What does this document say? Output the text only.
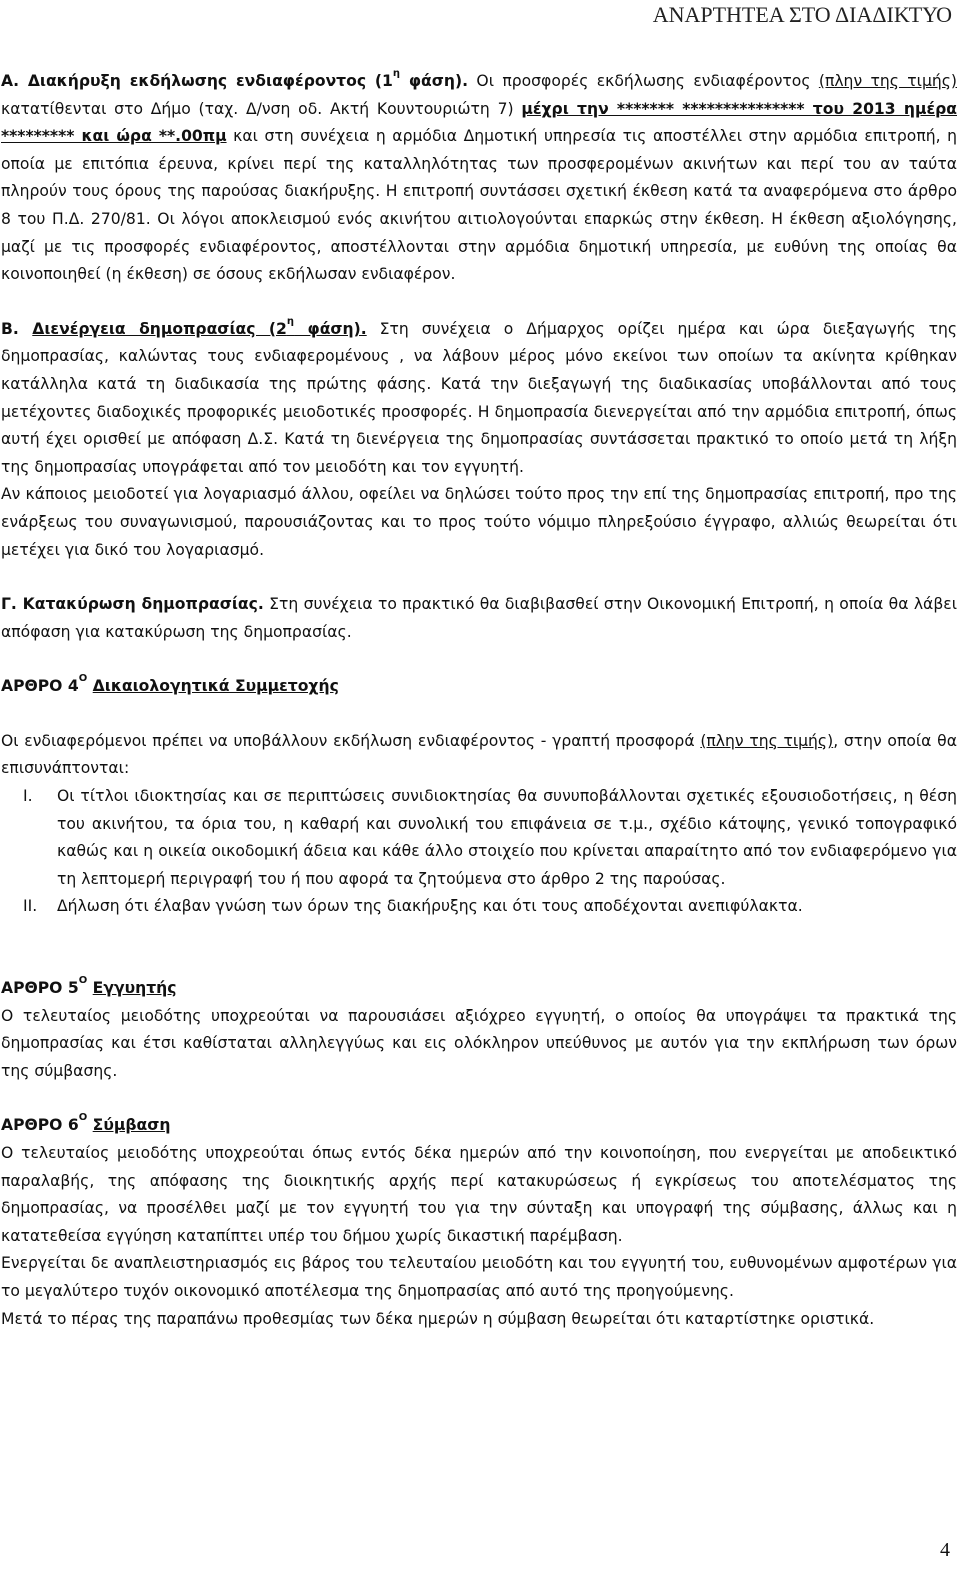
ΑΝΑΡΤΗΤΕΑ ΣΤΟ ΔΙΑΔΙΚΤΥΟ

Α. Διακήρυξη εκδήλωσης ενδιαφέροντος ($1^\eta$ φάση). Οι προσφορές εκδήλωσης ενδιαφέροντος (πλην της τιμής) κατατίθενται στο Δήμο (ταχ. Δ/νση οδ. Ακτή Κουντουριώτη 7) μέχρι την ******* *************** του 2013 ημέρα ********* και ώρα **.00πμ και στη συνέχεια η αρμόδια Δημοτική υπηρεσία τις αποστέλλει στην αρμόδια επιτροπή, η οποία με επιτόπια έρευνα, κρίνει περί της καταλληλότητας των προσφερομένων ακινήτων και περί του αν ταύτα πληρούν τους όρους της παρούσας διακήρυξης. Η επιτροπή συντάσσει σχετική έκθεση κατά τα αναφερόμενα στο άρθρο 8 του Π.Δ. 270/81. Οι λόγοι αποκλεισμού ενός ακινήτου αιτιολογούνται επαρκώς στην έκθεση. Η έκθεση αξιολόγησης, μαζί με τις προσφορές ενδιαφέροντος, αποστέλλονται στην αρμόδια δημοτική υπηρεσία, με ευθύνη της οποίας θα κοινοποιηθεί (η έκθεση) σε όσους εκδήλωσαν ενδιαφέρον.

Β. Διενέργεια δημοπρασίας ($2^\eta$ φάση). Στη συνέχεια ο Δήμαρχος ορίζει ημέρα και ώρα διεξαγωγής της δημοπρασίας, καλώντας τους ενδιαφερομένους , να λάβουν μέρος μόνο εκείνοι των οποίων τα ακίνητα κρίθηκαν κατάλληλα κατά τη διαδικασία της πρώτης φάσης. Κατά την διεξαγωγή της διαδικασίας υποβάλλονται από τους μετέχοντες διαδοχικές προφορικές μειοδοτικές προσφορές. Η δημοπρασία διενεργείται από την αρμόδια επιτροπή, όπως αυτή έχει ορισθεί με απόφαση Δ.Σ. Κατά τη διενέργεια της δημοπρασίας συντάσσεται πρακτικό το οποίο μετά τη λήξη της δημοπρασίας υπογράφεται από τον μειοδότη και τον εγγυητή.

Αν κάποιος μειοδοτεί για λογαριασμό άλλου, οφείλει να δηλώσει τούτο προς την επί της δημοπρασίας επιτροπή, προ της ενάρξεως του συναγωνισμού, παρουσιάζοντας και το προς τούτο νόμιμο πληρεξούσιο έγγραφο, αλλιώς θεωρείται ότι μετέχει για δικό του λογαριασμό.

Γ. Κατακύρωση δημοπρασίας. Στη συνέχεια το πρακτικό θα διαβιβασθεί στην Οικονομική Επιτροπή, η οποία θα λάβει απόφαση για κατακύρωση της δημοπρασίας.

ΑΡΘΡΟ $4^O$ Δικαιολογητικά Συμμετοχής

Οι ενδιαφερόμενοι πρέπει να υποβάλλουν εκδήλωση ενδιαφέροντος - γραπτή προσφορά (πλην της τιμής), στην οποία θα επισυνάπτονται:

I. Οι τίτλοι ιδιοκτησίας και σε περιπτώσεις συνιδιοκτησίας θα συνυποβάλλονται σχετικές εξουσιοδοτήσεις, η θέση του ακινήτου, τα όρια του, η καθαρή και συνολική του επιφάνεια σε τ.μ., σχέδιο κάτοψης, γενικό τοπογραφικό καθώς και η οικεία οικοδομική άδεια και κάθε άλλο στοιχείο που κρίνεται απαραίτητο από τον ενδιαφερόμενο για τη λεπτομερή περιγραφή του ή που αφορά τα ζητούμενα στο άρθρο 2 της παρούσας.
II. Δήλωση ότι έλαβαν γνώση των όρων της διακήρυξης και ότι τους αποδέχονται ανεπιφύλακτα.

ΑΡΘΡΟ $5^O$ Εγγυητής

Ο τελευταίος μειοδότης υποχρεούται να παρουσιάσει αξιόχρεο εγγυητή, ο οποίος θα υπογράψει τα πρακτικά της δημοπρασίας και έτσι καθίσταται αλληλεγγύως και εις ολόκληρον υπεύθυνος με αυτόν για την εκπλήρωση των όρων της σύμβασης.

ΑΡΘΡΟ $6^O$ Σύμβαση

Ο τελευταίος μειοδότης υποχρεούται όπως εντός δέκα ημερών από την κοινοποίηση, που ενεργείται με αποδεικτικό παραλαβής, της απόφασης της διοικητικής αρχής περί κατακυρώσεως ή εγκρίσεως του αποτελέσματος της δημοπρασίας, να προσέλθει μαζί με τον εγγυητή του για την σύνταξη και υπογραφή της σύμβασης, άλλως και η κατατεθείσα εγγύηση καταπίπτει υπέρ του δήμου χωρίς δικαστική παρέμβαση.

Ενεργείται δε αναπλειστηριασμός εις βάρος του τελευταίου μειοδότη και του εγγυητή του, ευθυνομένων αμφοτέρων για το μεγαλύτερο τυχόν οικονομικό αποτέλεσμα της δημοπρασίας από αυτό της προηγούμενης.

Μετά το πέρας της παραπάνω προθεσμίας των δέκα ημερών η σύμβαση θεωρείται ότι καταρτίστηκε οριστικά.

4
